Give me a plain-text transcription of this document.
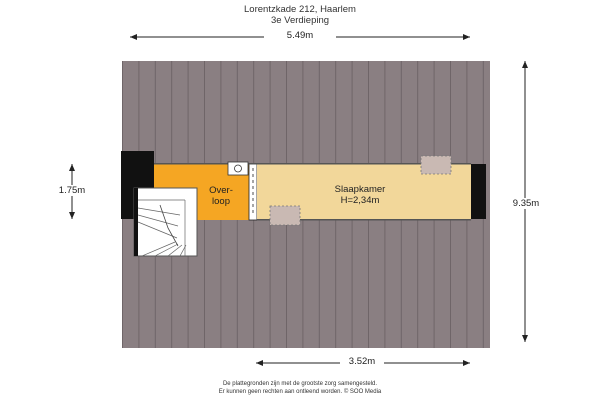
Lorentzkade 212, Haarlem
3e Verdieping
5.49m
1.75m
9.35m
3.52m
Over-
loop
Slaapkamer
H=2,34m
De plattegronden zijn met de grootste zorg samengesteld.
Er kunnen geen rechten aan ontleend worden. © SOO Media
